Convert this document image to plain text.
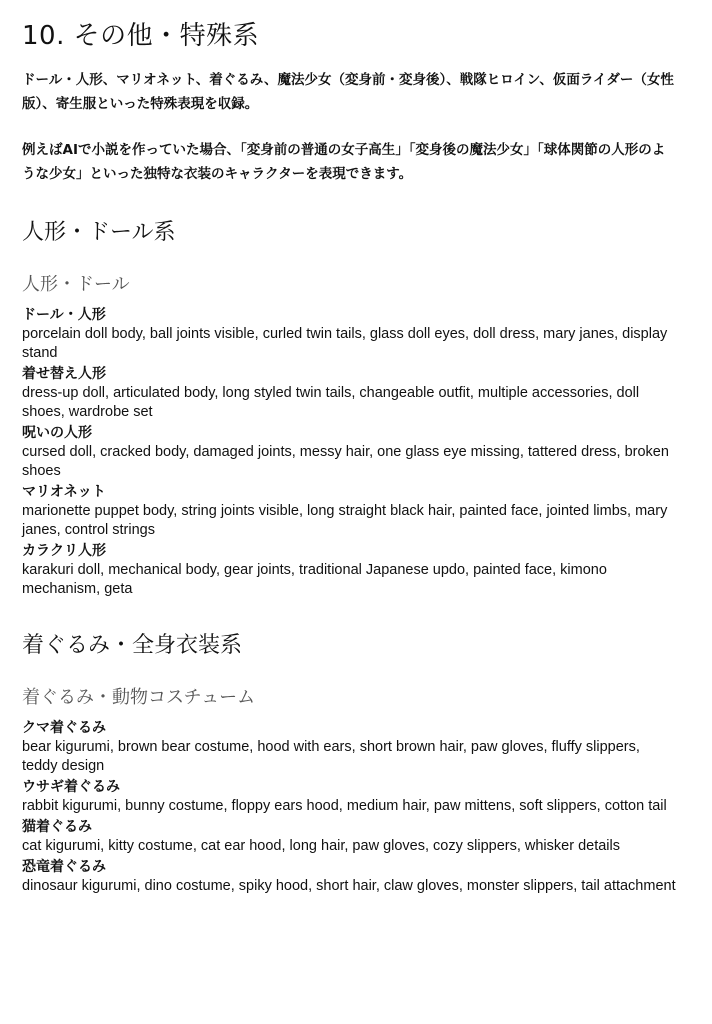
10. その他・特殊系

ドール・人形、マリオネット、着ぐるみ、魔法少女（変身前・変身後）、戦隊ヒロイン、仮面ライダー（女性版）、寄生服といった特殊表現を収録。

例えばAIで小説を作っていた場合、「変身前の普通の女子高生」「変身後の魔法少女」「球体関節の人形のような少女」といった独特な衣装のキャラクターを表現できます。

人形・ドール系
人形・ドール

ドール・人形

porcelain doll body, ball joints visible, curled twin tails, glass doll eyes, doll dress, mary janes, display stand

着せ替え人形

dress-up doll, articulated body, long styled twin tails, changeable outfit, multiple accessories, doll shoes, wardrobe set

呪いの人形

cursed doll, cracked body, damaged joints, messy hair, one glass eye missing, tattered dress, broken shoes

マリオネット

marionette puppet body, string joints visible, long straight black hair, painted face, jointed limbs, mary janes, control strings

カラクリ人形

karakuri doll, mechanical body, gear joints, traditional Japanese updo, painted face, kimono mechanism, geta

着ぐるみ・全身衣装系
着ぐるみ・動物コスチューム

クマ着ぐるみ

bear kigurumi, brown bear costume, hood with ears, short brown hair, paw gloves, fluffy slippers, teddy design

ウサギ着ぐるみ

rabbit kigurumi, bunny costume, floppy ears hood, medium hair, paw mittens, soft slippers, cotton tail

猫着ぐるみ

cat kigurumi, kitty costume, cat ear hood, long hair, paw gloves, cozy slippers, whisker details

恐竜着ぐるみ

dinosaur kigurumi, dino costume, spiky hood, short hair, claw gloves, monster slippers, tail attachment
